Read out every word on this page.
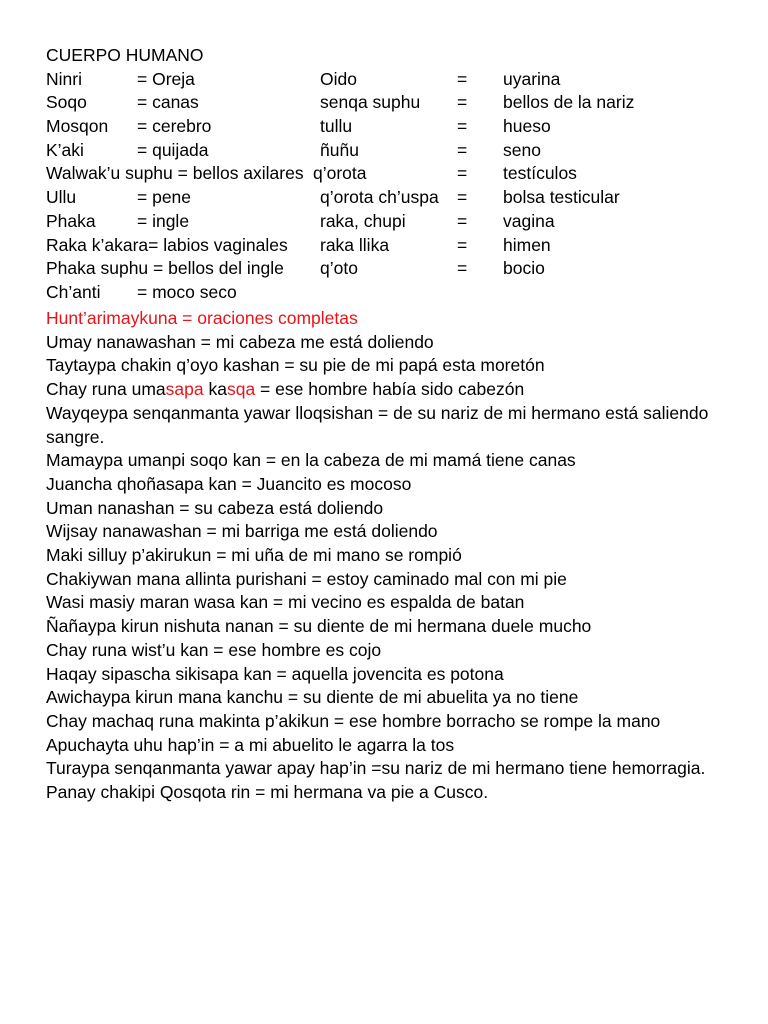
CUERPO HUMANO
Ninri	= Oreja	Oido	= uyarina
Soqo	= canas	senqa suphu = bellos de la nariz
Mosqon = cerebro	tullu	= hueso
K’aki	= quijada	ñuñu	= seno
Walwak’u suphu = bellos axilares q’orota	= testículos
Ullu	= pene	q’orota ch’uspa = bolsa testicular
Phaka = ingle	raka, chupi	= vagina
Raka k’akara= labios vaginales raka llika	= himen
Phaka suphu = bellos del ingle q’oto	= bocio
Ch’anti = moco seco

Hunt’arimaykuna = oraciones completas

Umay nanawashan = mi cabeza me está doliendo

Taytaypa chakin q’oyo kashan = su pie de mi papá esta moretón

Chay runa umasapa kasqa = ese hombre había sido cabezón

Wayqeypa senqanmanta yawar lloqsishan = de su nariz de mi hermano está saliendo sangre.

Mamaypa umanpi soqo kan = en la cabeza de mi mamá tiene canas

Juancha qhoñasapa kan = Juancito es mocoso

Uman nanashan = su cabeza está doliendo

Wijsay nanawashan = mi barriga me está doliendo

Maki silluy p’akirukun = mi uña de mi mano se rompió

Chakiywan mana allinta purishani = estoy caminado mal con mi pie

Wasi masiy maran wasa kan = mi vecino es espalda de batan

Ñañaypa kirun nishuta nanan = su diente de mi hermana duele mucho

Chay runa wist’u kan = ese hombre es cojo

Haqay sipascha sikisapa kan = aquella jovencita es potona

Awichaypa kirun mana kanchu = su diente de mi abuelita ya no tiene

Chay machaq runa makinta p’akikun = ese hombre borracho se rompe la mano

Apuchayta uhu hap’in = a mi abuelito le agarra la tos

Turaypa senqanmanta yawar apay hap’in =su nariz de mi hermano tiene hemorragia.

Panay chakipi Qosqota rin = mi hermana va pie a Cusco.
